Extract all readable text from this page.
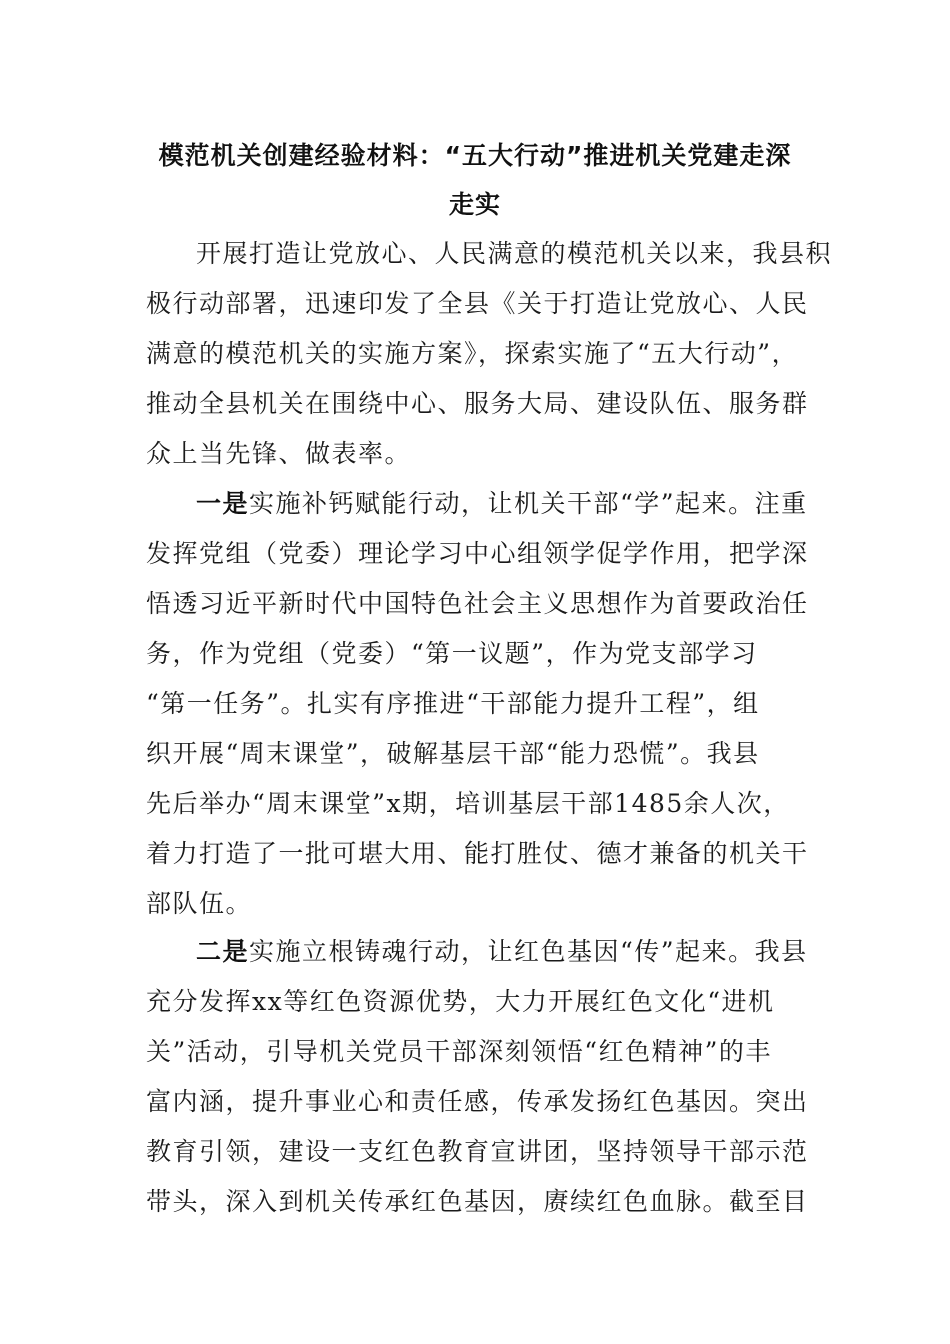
模范机关创建经验材料：“五大行动”推进机关党建走深
走实
开展打造让党放心、人民满意的模范机关以来，我县积
极行动部署，迅速印发了全县《关于打造让党放心、人民
满意的模范机关的实施方案》，探索实施了“五大行动”，
推动全县机关在围绕中心、服务大局、建设队伍、服务群
众上当先锋、做表率。
一是实施补钙赋能行动，让机关干部“学”起来。注重
发挥党组（党委）理论学习中心组领学促学作用，把学深
悟透习近平新时代中国特色社会主义思想作为首要政治任
务，作为党组（党委）“第一议题”，作为党支部学习
“第一任务”。扎实有序推进“干部能力提升工程”，组
织开展“周末课堂”，破解基层干部“能力恐慌”。我县
先后举办“周末课堂”x期，培训基层干部1485余人次，
着力打造了一批可堪大用、能打胜仗、德才兼备的机关干
部队伍。
二是实施立根铸魂行动，让红色基因“传”起来。我县
充分发挥xx等红色资源优势，大力开展红色文化“进机
关”活动，引导机关党员干部深刻领悟“红色精神”的丰
富内涵，提升事业心和责任感，传承发扬红色基因。突出
教育引领，建设一支红色教育宣讲团，坚持领导干部示范
带头，深入到机关传承红色基因，赓续红色血脉。截至目
